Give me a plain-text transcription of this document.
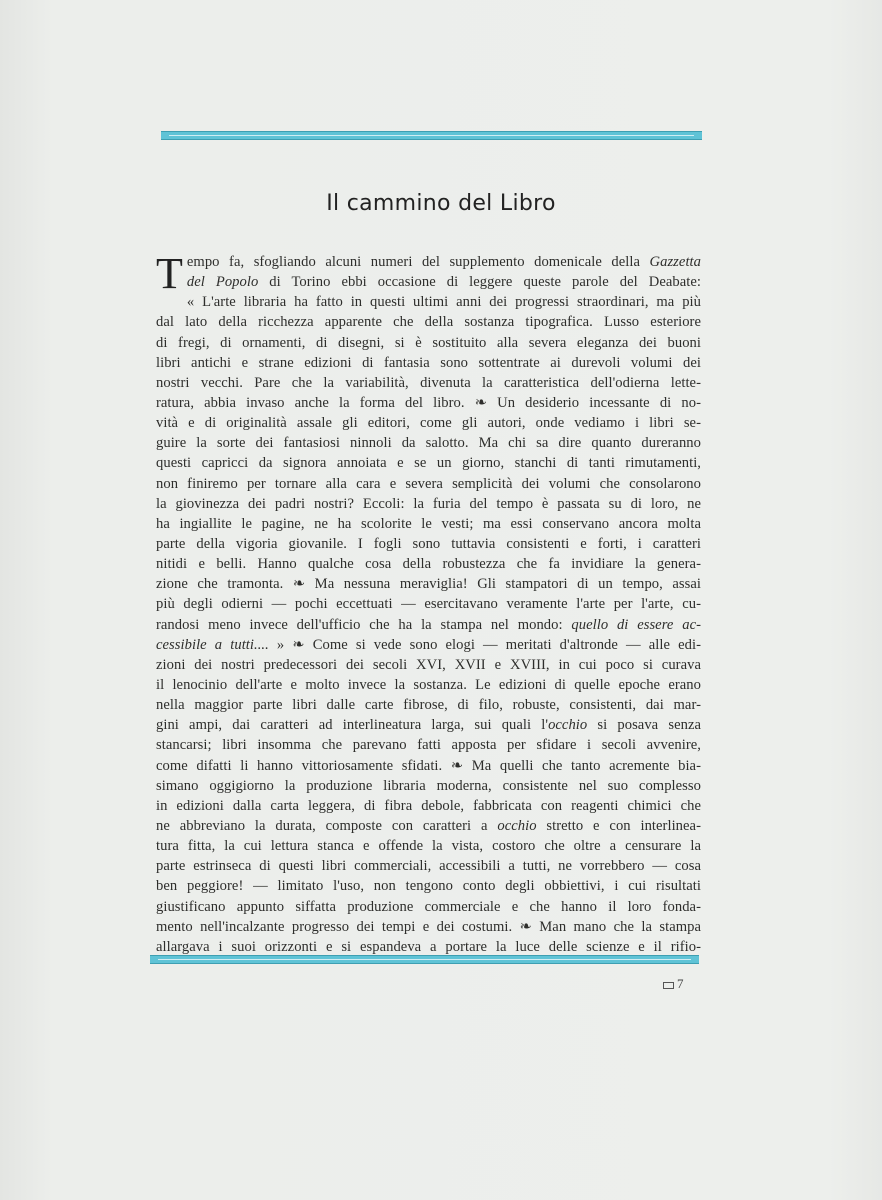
Il cammino del Libro
T empo fa, sfogliando alcuni numeri del supplemento domenicale della Gazzetta
del Popolo di Torino ebbi occasione di leggere queste parole del Deabate:
« L'arte libraria ha fatto in questi ultimi anni dei progressi straordinari, ma più
dal lato della ricchezza apparente che della sostanza tipografica. Lusso esteriore
di fregi, di ornamenti, di disegni, si è sostituito alla severa eleganza dei buoni
libri antichi e strane edizioni di fantasia sono sottentrate ai durevoli volumi dei
nostri vecchi. Pare che la variabilità, divenuta la caratteristica dell'odierna lette-
ratura, abbia invaso anche la forma del libro. ❧ Un desiderio incessante di no-
vità e di originalità assale gli editori, come gli autori, onde vediamo i libri se-
guire la sorte dei fantasiosi ninnoli da salotto. Ma chi sa dire quanto dureranno
questi capricci da signora annoiata e se un giorno, stanchi di tanti rimutamenti,
non finiremo per tornare alla cara e severa semplicità dei volumi che consolarono
la giovinezza dei padri nostri? Eccoli: la furia del tempo è passata su di loro, ne
ha ingiallite le pagine, ne ha scolorite le vesti; ma essi conservano ancora molta
parte della vigoria giovanile. I fogli sono tuttavia consistenti e forti, i caratteri
nitidi e belli. Hanno qualche cosa della robustezza che fa invidiare la genera-
zione che tramonta. ❧ Ma nessuna meraviglia! Gli stampatori di un tempo, assai
più degli odierni — pochi eccettuati — esercitavano veramente l'arte per l'arte, cu-
randosi meno invece dell'ufficio che ha la stampa nel mondo: quello di essere ac-
cessibile a tutti.... » ❧ Come si vede sono elogi — meritati d'altronde — alle edi-
zioni dei nostri predecessori dei secoli XVI, XVII e XVIII, in cui poco si curava
il lenocinio dell'arte e molto invece la sostanza. Le edizioni di quelle epoche erano
nella maggior parte libri dalle carte fibrose, di filo, robuste, consistenti, dai mar-
gini ampi, dai caratteri ad interlineatura larga, sui quali l'occhio si posava senza
stancarsi; libri insomma che parevano fatti apposta per sfidare i secoli avvenire,
come difatti li hanno vittoriosamente sfidati. ❧ Ma quelli che tanto acremente bia-
simano oggigiorno la produzione libraria moderna, consistente nel suo complesso
in edizioni dalla carta leggera, di fibra debole, fabbricata con reagenti chimici che
ne abbreviano la durata, composte con caratteri a occhio stretto e con interlinea-
tura fitta, la cui lettura stanca e offende la vista, costoro che oltre a censurare la
parte estrinseca di questi libri commerciali, accessibili a tutti, ne vorrebbero — cosa
ben peggiore! — limitato l'uso, non tengono conto degli obbiettivi, i cui risultati
giustificano appunto siffatta produzione commerciale e che hanno il loro fonda-
mento nell'incalzante progresso dei tempi e dei costumi. ❧ Man mano che la stampa
allargava i suoi orizzonti e si espandeva a portare la luce delle scienze e il rifio-
7
